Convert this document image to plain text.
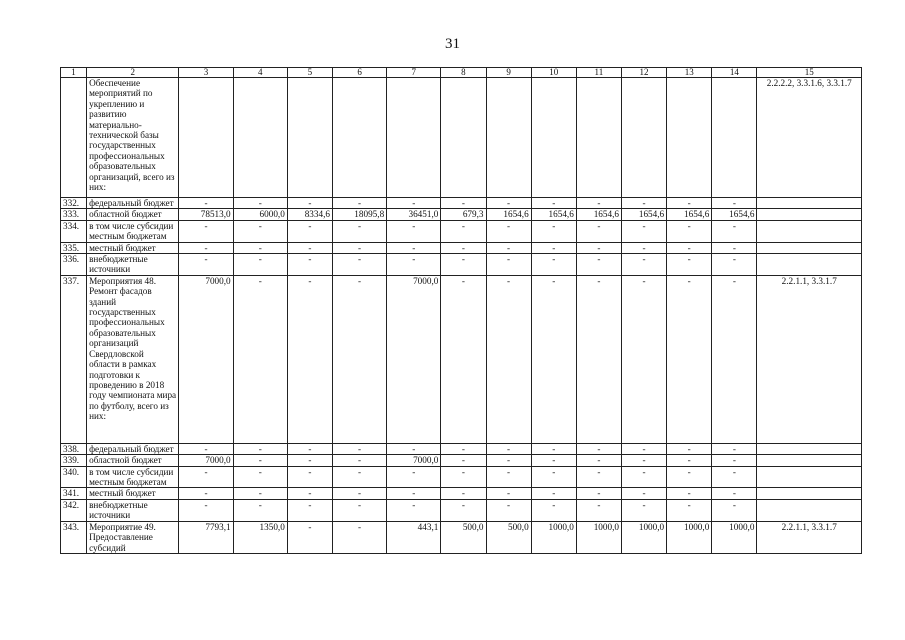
31
1	2	3	4	5	6	7	8	9	10	11	12	13	14	15
	Обеспечение мероприятий по укреплению и развитию материально-технической базы государственных профессиональных образовательных организаций, всего из них:													2.2.2.2, 3.3.1.6, 3.3.1.7
332.	федеральный бюджет	-	-	-	-	-	-	-	-	-	-	-	-	
333.	областной бюджет	78513,0	6000,0	8334,6	18095,8	36451,0	679,3	1654,6	1654,6	1654,6	1654,6	1654,6	1654,6	
334.	в том числе субсидии местным бюджетам	-	-	-	-	-	-	-	-	-	-	-	-	
335.	местный бюджет	-	-	-	-	-	-	-	-	-	-	-	-	
336.	внебюджетные источники	-	-	-	-	-	-	-	-	-	-	-	-	
337.	Мероприятия 48. Ремонт фасадов зданий государственных профессиональных образовательных организаций Свердловской области в рамках подготовки к проведению в 2018 году чемпионата мира по футболу, всего из них:	7000,0	-	-	-	7000,0	-	-	-	-	-	-	-	2.2.1.1, 3.3.1.7
338.	федеральный бюджет	-	-	-	-	-	-	-	-	-	-	-	-	
339.	областной бюджет	7000,0	-	-	-	7000,0	-	-	-	-	-	-	-	
340.	в том числе субсидии местным бюджетам	-	-	-	-	-	-	-	-	-	-	-	-	
341.	местный бюджет	-	-	-	-	-	-	-	-	-	-	-	-	
342.	внебюджетные источники	-	-	-	-	-	-	-	-	-	-	-	-	
343.	Мероприятие 49. Предоставление субсидий	7793,1	1350,0	-	-	443,1	500,0	500,0	1000,0	1000,0	1000,0	1000,0	1000,0	2.2.1.1, 3.3.1.7
